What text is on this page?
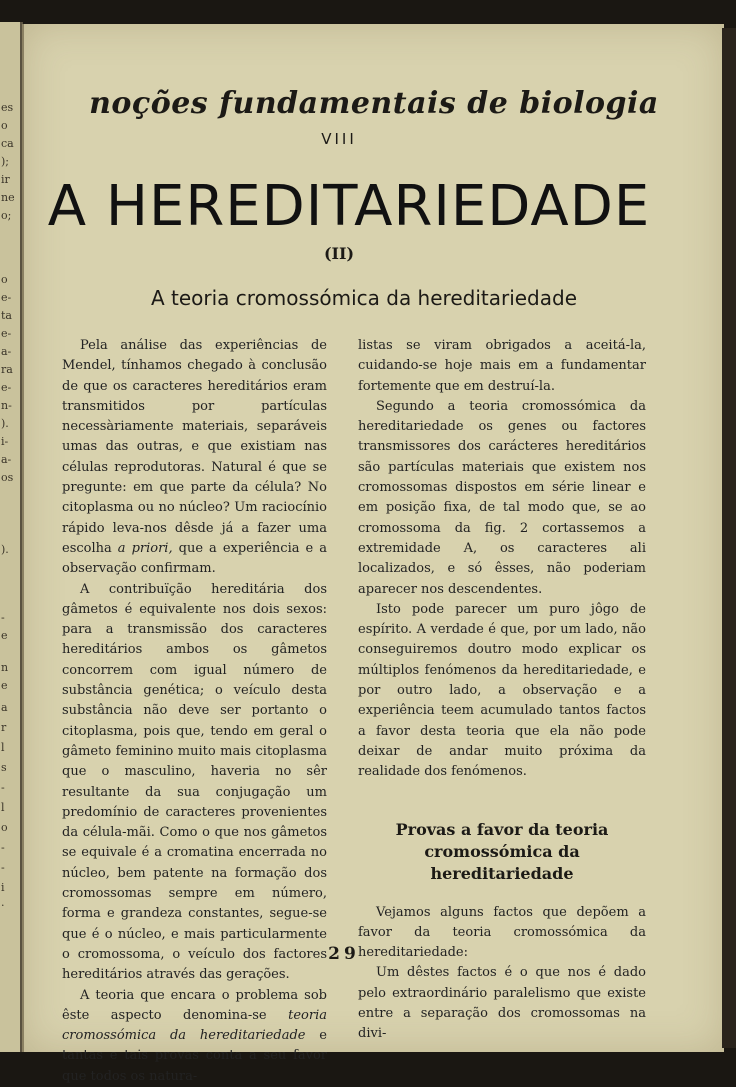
es
o
ca
);
ir
ne
o;
o
e-
ta
e-
a-
ra
e-
n-
).
i-
a-
os
).
-
e
n
e
a
r
l
s
-
l
o
-
-
i
.
noções fundamentais de biologia
VIII
A HEREDITARIEDADE
(II)
A teoria cromossómica da hereditariedade

Pela análise das experiências de Mendel, tínhamos chegado à conclusão de que os caracteres hereditários eram transmitidos por partículas necessàriamente materiais, separáveis umas das outras, e que existiam nas células reprodutoras. Natural é que se pregunte: em que parte da célula? No citoplasma ou no núcleo? Um raciocínio rápido leva-nos dêsde já a fazer uma escolha a priori, que a experiência e a observação confirmam.

A contribuïção hereditária dos gâmetos é equivalente nos dois sexos: para a transmissão dos caracteres hereditários ambos os gâmetos concorrem com igual número de substância genética; o veículo desta substância não deve ser portanto o citoplasma, pois que, tendo em geral o gâmeto feminino muito mais citoplasma que o masculino, haveria no sêr resultante da sua conjugação um predomínio de caracteres provenientes da célula-mãi. Como o que nos gâmetos se equivale é a cromatina encerrada no núcleo, bem patente na formação dos cromossomas sempre em número, forma e grandeza constantes, segue-se que é o núcleo, e mais particularmente o cromossoma, o veículo dos factores hereditários através das gerações.

A teoria que encara o problema sob êste aspecto denomina-se teoria cromossómica da hereditariedade e tantas e tais provas conta a seu favor que todos os natura-

listas se viram obrigados a aceitá-la, cuidando-se hoje mais em a fundamentar fortemente que em destruí-la.

Segundo a teoria cromossómica da hereditariedade os genes ou factores transmissores dos carácteres hereditários são partículas materiais que existem nos cromossomas dispostos em série linear e em posição fixa, de tal modo que, se ao cromossoma da fig. 2 cortassemos a extremidade A, os caracteres ali localizados, e só êsses, não poderiam aparecer nos descendentes.

Isto pode parecer um puro jôgo de espírito. A verdade é que, por um lado, não conseguiremos doutro modo explicar os múltiplos fenómenos da hereditariedade, e por outro lado, a observação e a experiência teem acumulado tantos factos a favor desta teoria que ela não pode deixar de andar muito próxima da realidade dos fenómenos.

Provas a favor da teoria cromossómica da hereditariedade

Vejamos alguns factos que depõem a favor da teoria cromossómica da hereditariedade:

Um dêstes factos é o que nos é dado pelo extraordinário paralelismo que existe entre a separação dos cromossomas na divi-

29
